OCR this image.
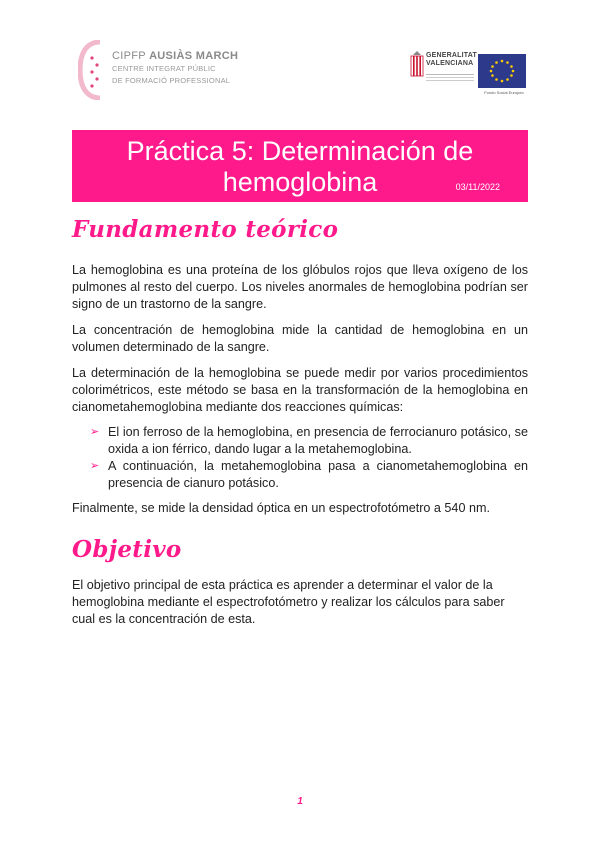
CIPFP AUSIÀS MARCH
CENTRE INTEGRAT PÚBLIC
DE FORMACIÓ PROFESSIONAL
GENERALITAT
VALENCIANA
Fondo Social Europeo
Práctica 5: Determinación de hemoglobina	03/11/2022
Fundamento teórico

La hemoglobina es una proteína de los glóbulos rojos que lleva oxígeno de los pulmones al resto del cuerpo. Los niveles anormales de hemoglobina podrían ser signo de un trastorno de la sangre.

La concentración de hemoglobina mide la cantidad de hemoglobina en un volumen determinado de la sangre.

La determinación de la hemoglobina se puede medir por varios procedimientos colorimétricos, este método se basa en la transformación de la hemoglobina en cianometahemoglobina mediante dos reacciones químicas:

➢ El ion ferroso de la hemoglobina, en presencia de ferrocianuro potásico, se oxida a ion férrico, dando lugar a la metahemoglobina.
➢ A continuación, la metahemoglobina pasa a cianometahemoglobina en presencia de cianuro potásico.

Finalmente, se mide la densidad óptica en un espectrofotómetro a 540 nm.

Objetivo

El objetivo principal de esta práctica es aprender a determinar el valor de la hemoglobina mediante el espectrofotómetro y realizar los cálculos para saber cual es la concentración de esta.

1
